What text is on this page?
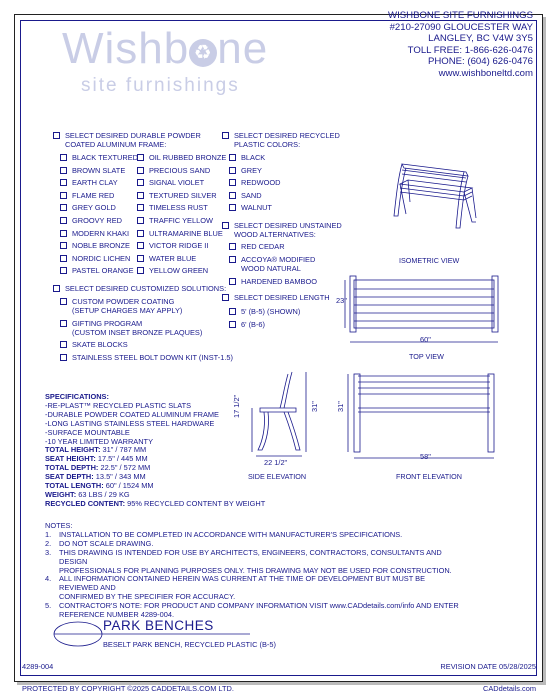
Wishb ♻ ne
site furnishings
WISHBONE SITE FURNISHINGS
#210-27090 GLOUCESTER WAY
LANGLEY, BC V4W 3Y5
TOLL FREE: 1-866-626-0476
PHONE: (604) 626-0476
www.wishboneltd.com
SELECT DESIRED DURABLE POWDER
COATED ALUMINUM FRAME:
BLACK TEXTURED
BROWN SLATE
EARTH CLAY
FLAME RED
GREY GOLD
GROOVY RED
MODERN KHAKI
NOBLE BRONZE
NORDIC LICHEN
PASTEL ORANGE
OIL RUBBED BRONZE
PRECIOUS SAND
SIGNAL VIOLET
TEXTURED SILVER
TIMELESS RUST
TRAFFIC YELLOW
ULTRAMARINE BLUE
VICTOR RIDGE II
WATER BLUE
YELLOW GREEN
SELECT DESIRED RECYCLED
PLASTIC COLORS:
BLACK
GREY
REDWOOD
SAND
WALNUT
SELECT DESIRED UNSTAINED
WOOD ALTERNATIVES:
RED CEDAR
ACCOYA® MODIFIED
WOOD NATURAL
HARDENED BAMBOO
SELECT DESIRED LENGTH
5' (B-5) (SHOWN)
6' (B-6)
SELECT DESIRED CUSTOMIZED SOLUTIONS:
CUSTOM POWDER COATING
(SETUP CHARGES MAY APPLY)
GIFTING PROGRAM
(CUSTOM INSET BRONZE PLAQUES)
SKATE BLOCKS
STAINLESS STEEL BOLT DOWN KIT (INST-1.5)
SPECIFICATIONS:
-RE-PLAST™ RECYCLED PLASTIC SLATS
-DURABLE POWDER COATED ALUMINUM FRAME
-LONG LASTING STAINLESS STEEL HARDWARE
-SURFACE MOUNTABLE
-10 YEAR LIMITED WARRANTY
TOTAL HEIGHT: 31" / 787 MM
SEAT HEIGHT: 17.5" / 445 MM
TOTAL DEPTH: 22.5" / 572 MM
SEAT DEPTH: 13.5" / 343 MM
TOTAL LENGTH: 60" / 1524 MM
WEIGHT: 63 LBS / 29 KG
RECYCLED CONTENT: 95% RECYCLED CONTENT BY WEIGHT
NOTES:
1.	INSTALLATION TO BE COMPLETED IN ACCORDANCE WITH MANUFACTURER'S SPECIFICATIONS.
2.	DO NOT SCALE DRAWING.
3.	THIS DRAWING IS INTENDED FOR USE BY ARCHITECTS, ENGINEERS, CONTRACTORS, CONSULTANTS AND DESIGN
PROFESSIONALS FOR PLANNING PURPOSES ONLY. THIS DRAWING MAY NOT BE USED FOR CONSTRUCTION.
4.	ALL INFORMATION CONTAINED HEREIN WAS CURRENT AT THE TIME OF DEVELOPMENT BUT MUST BE REVIEWED AND
CONFIRMED BY THE SPECIFIER FOR ACCURACY.
5.	CONTRACTOR'S NOTE: FOR PRODUCT AND COMPANY INFORMATION VISIT www.CADdetails.com/info AND ENTER
REFERENCE NUMBER 4289-004.
ISOMETRIC VIEW
23"
60"
TOP VIEW
17 1/2"	31"
22 1/2"
SIDE ELEVATION
31"
58"
FRONT ELEVATION
PARK BENCHES
BESELT PARK BENCH, RECYCLED PLASTIC (B-5)
4289-004	REVISION DATE 05/28/2025
PROTECTED BY COPYRIGHT ©2025 CADDETAILS.COM LTD.	CADdetails.com
